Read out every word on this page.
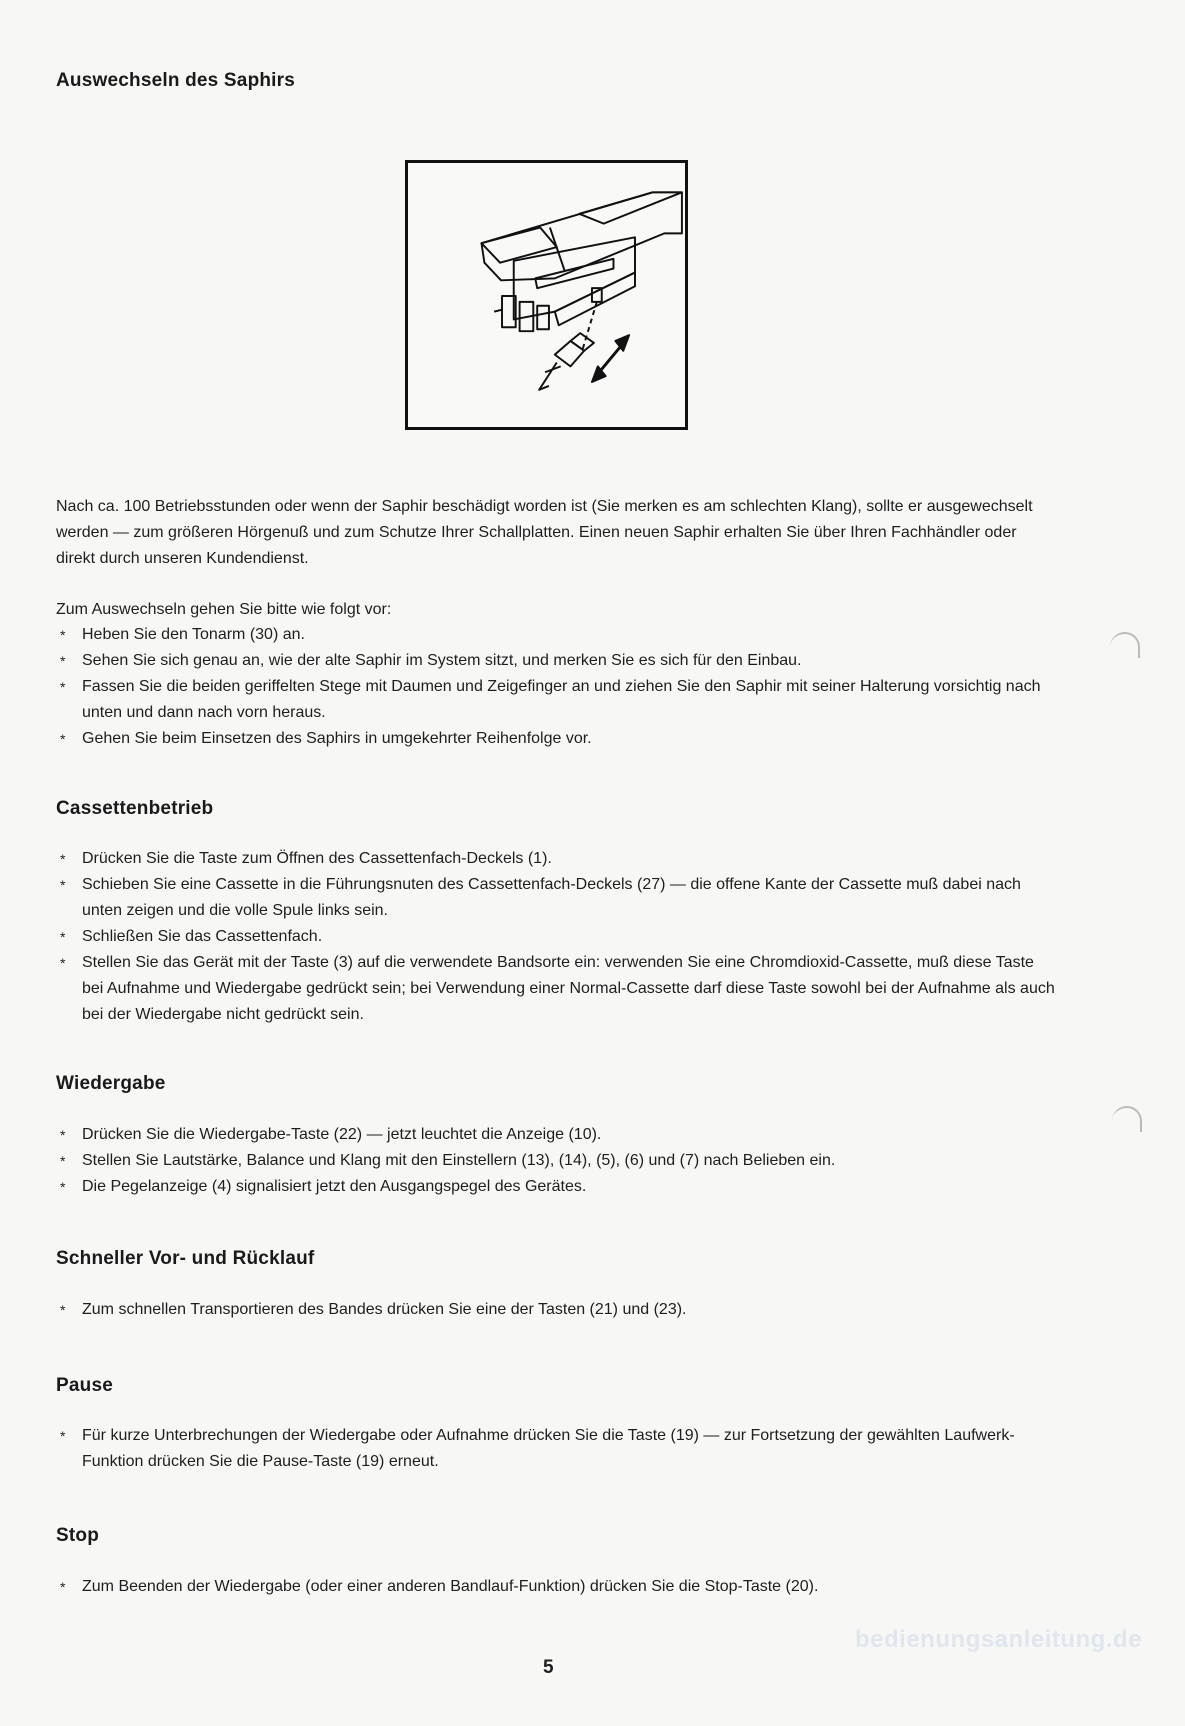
Auswechseln des Saphirs

Nach ca. 100 Betriebsstunden oder wenn der Saphir beschädigt worden ist (Sie merken es am schlechten Klang), sollte er ausgewechselt werden — zum größeren Hörgenuß und zum Schutze Ihrer Schallplatten. Einen neuen Saphir erhalten Sie über Ihren Fachhändler oder direkt durch unseren Kundendienst.

Zum Auswechseln gehen Sie bitte wie folgt vor:

* Heben Sie den Tonarm (30) an.
* Sehen Sie sich genau an, wie der alte Saphir im System sitzt, und merken Sie es sich für den Einbau.
* Fassen Sie die beiden geriffelten Stege mit Daumen und Zeigefinger an und ziehen Sie den Saphir mit seiner Halterung vorsichtig nach unten und dann nach vorn heraus.
* Gehen Sie beim Einsetzen des Saphirs in umgekehrter Reihenfolge vor.
Cassettenbetrieb
* Drücken Sie die Taste zum Öffnen des Cassettenfach-Deckels (1).
* Schieben Sie eine Cassette in die Führungsnuten des Cassettenfach-Deckels (27) — die offene Kante der Cassette muß dabei nach unten zeigen und die volle Spule links sein.
* Schließen Sie das Cassettenfach.
* Stellen Sie das Gerät mit der Taste (3) auf die verwendete Bandsorte ein: verwenden Sie eine Chromdioxid-Cassette, muß diese Taste bei Aufnahme und Wiedergabe gedrückt sein; bei Verwendung einer Normal-Cassette darf diese Taste sowohl bei der Aufnahme als auch bei der Wiedergabe nicht gedrückt sein.
Wiedergabe
* Drücken Sie die Wiedergabe-Taste (22) — jetzt leuchtet die Anzeige (10).
* Stellen Sie Lautstärke, Balance und Klang mit den Einstellern (13), (14), (5), (6) und (7) nach Belieben ein.
* Die Pegelanzeige (4) signalisiert jetzt den Ausgangspegel des Gerätes.
Schneller Vor- und Rücklauf
* Zum schnellen Transportieren des Bandes drücken Sie eine der Tasten (21) und (23).
Pause
* Für kurze Unterbrechungen der Wiedergabe oder Aufnahme drücken Sie die Taste (19) — zur Fortsetzung der gewählten Laufwerk-Funktion drücken Sie die Pause-Taste (19) erneut.
Stop
* Zum Beenden der Wiedergabe (oder einer anderen Bandlauf-Funktion) drücken Sie die Stop-Taste (20).
bedienungsanleitung.de

5
